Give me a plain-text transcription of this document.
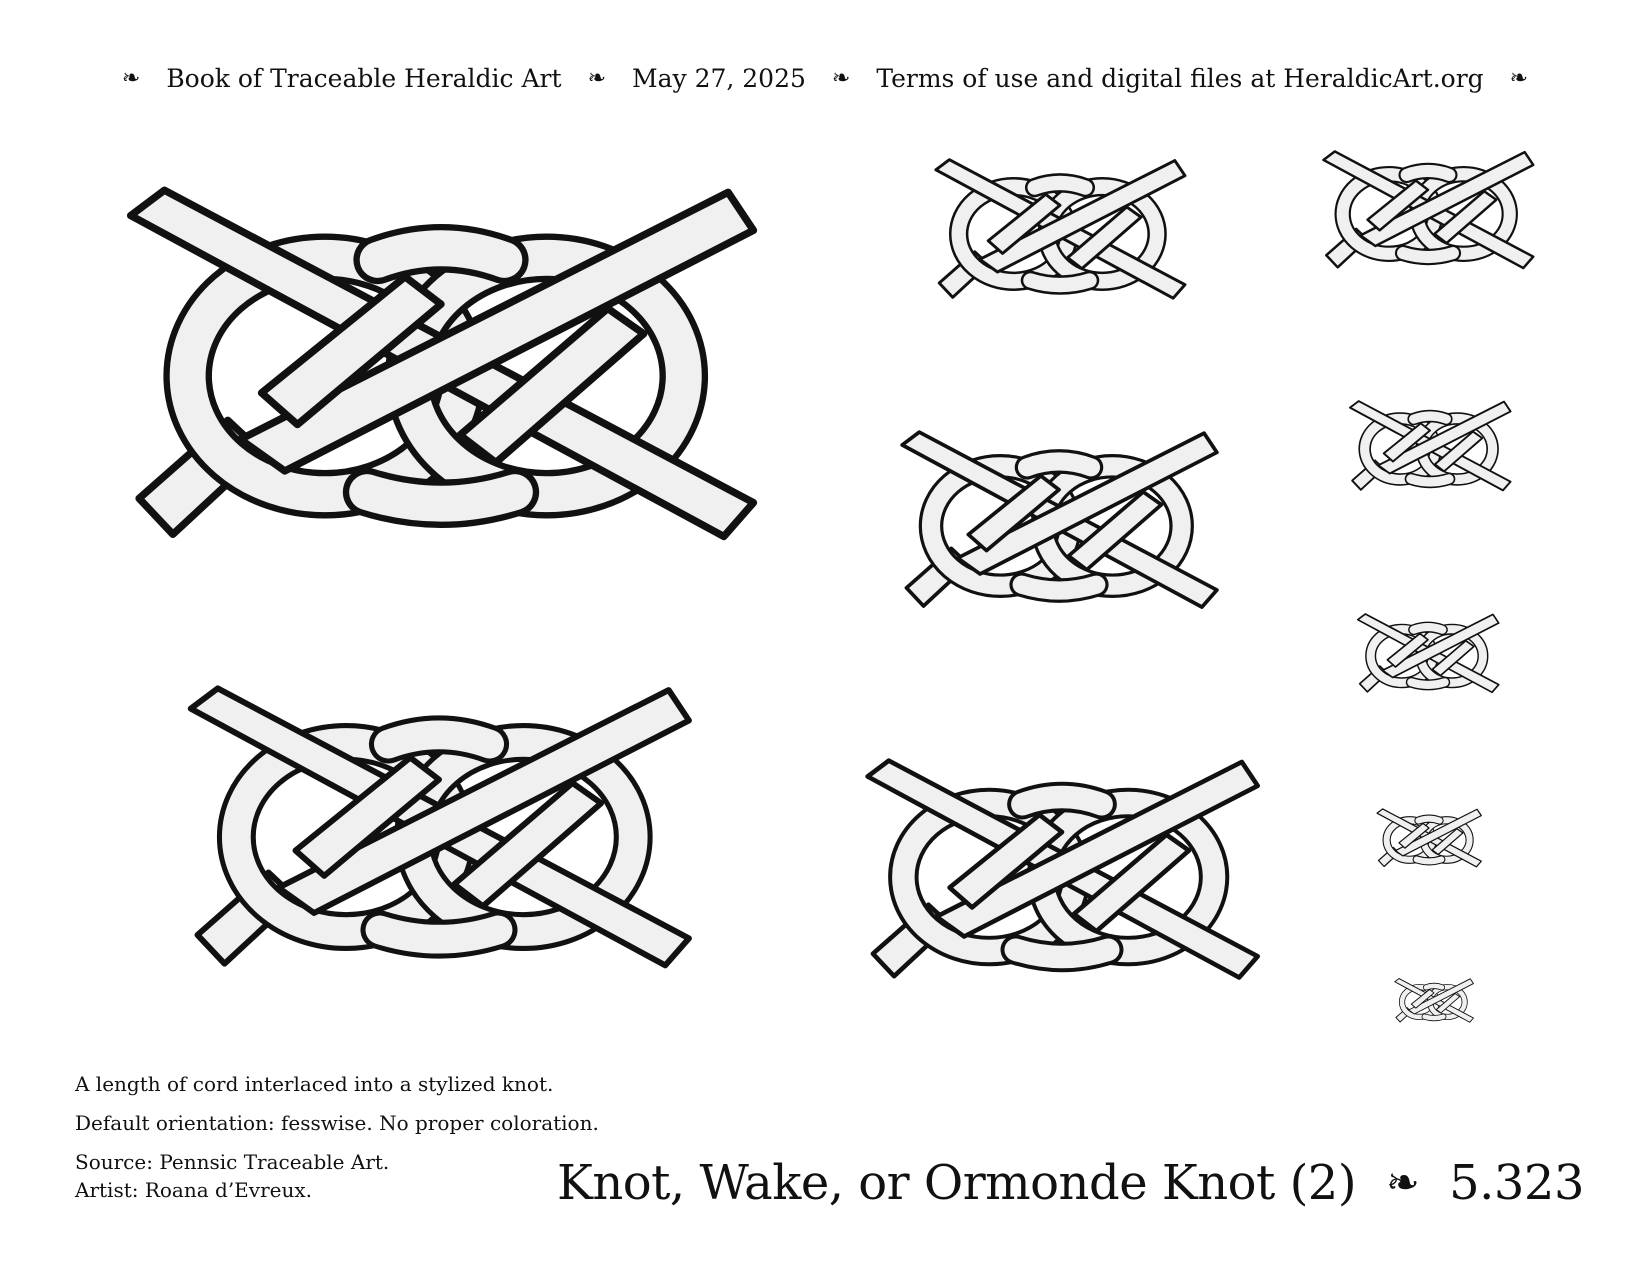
❧ Book of Traceable Heraldic Art ❧ May 27, 2025 ❧ Terms of use and digital files at HeraldicArt.org ❧
A length of cord interlaced into a stylized knot.
Default orientation: fesswise. No proper coloration.
Source: Pennsic Traceable Art.
Artist: Roana d’Evreux.	Knot, Wake, or Ormonde Knot (2) ❧ 5.323
